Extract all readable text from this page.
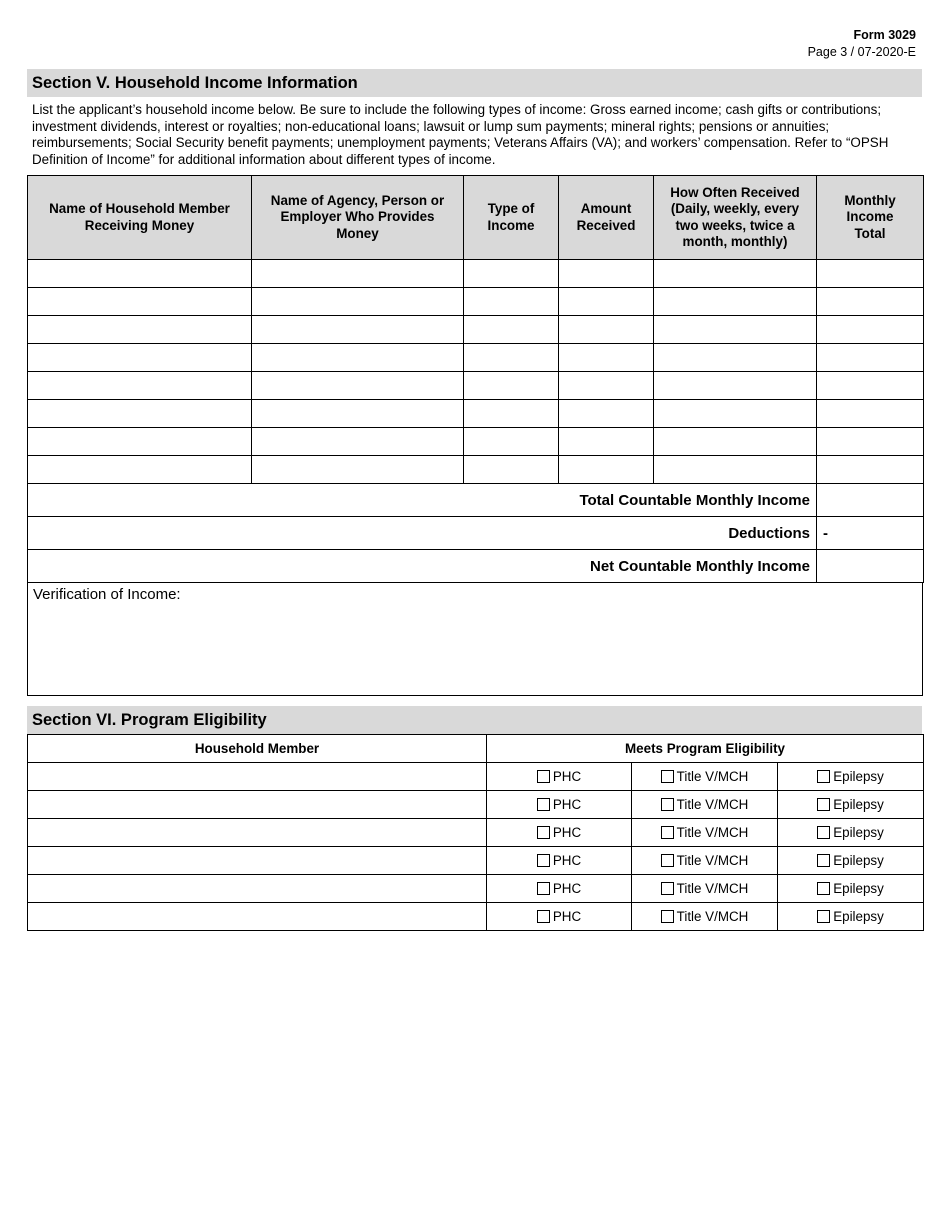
Form 3029
Page 3 / 07-2020-E
Section V. Household Income Information
List the applicant’s household income below. Be sure to include the following types of income: Gross earned income; cash gifts or contributions; investment dividends, interest or royalties; non-educational loans; lawsuit or lump sum payments; mineral rights; pensions or annuities; reimbursements; Social Security benefit payments; unemployment payments; Veterans Affairs (VA); and workers’ compensation. Refer to “OPSH Definition of Income” for additional information about different types of income.
Name of Household Member Receiving Money	Name of Agency, Person or Employer Who Provides Money	Type of Income	Amount Received	How Often Received (Daily, weekly, every two weeks, twice a month, monthly)	Monthly Income Total

Total Countable Monthly Income					
Deductions					-
Net Countable Monthly Income					
Verification of Income:
Section VI. Program Eligibility
Household Member	Meets Program Eligibility		
	PHC	Title V/MCH	Epilepsy
	PHC	Title V/MCH	Epilepsy
	PHC	Title V/MCH	Epilepsy
	PHC	Title V/MCH	Epilepsy
	PHC	Title V/MCH	Epilepsy
	PHC	Title V/MCH	Epilepsy
